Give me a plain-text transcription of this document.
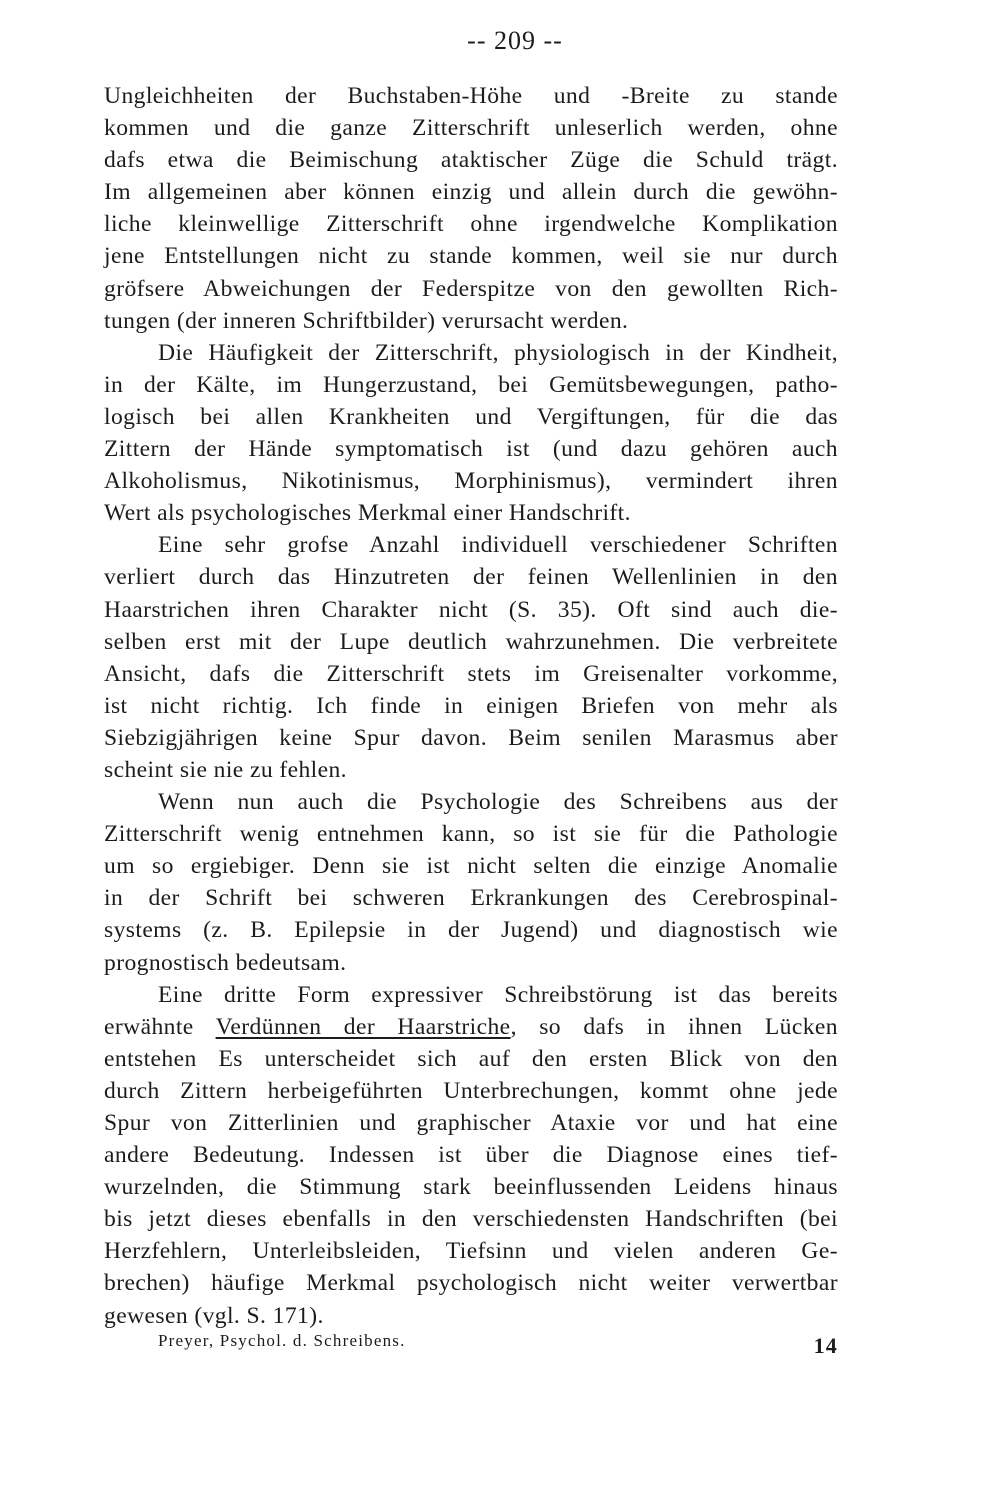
-- 209 --
Ungleichheiten der Buchstaben-Höhe und -Breite zu stande
kommen und die ganze Zitterschrift unleserlich werden, ohne
dafs etwa die Beimischung ataktischer Züge die Schuld trägt.
Im allgemeinen aber können einzig und allein durch die gewöhn-
liche kleinwellige Zitterschrift ohne irgendwelche Komplikation
jene Entstellungen nicht zu stande kommen, weil sie nur durch
gröfsere Abweichungen der Federspitze von den gewollten Rich-
tungen (der inneren Schriftbilder) verursacht werden.
Die Häufigkeit der Zitterschrift, physiologisch in der Kindheit,
in der Kälte, im Hungerzustand, bei Gemütsbewegungen, patho-
logisch bei allen Krankheiten und Vergiftungen, für die das
Zittern der Hände symptomatisch ist (und dazu gehören auch
Alkoholismus, Nikotinismus, Morphinismus), vermindert ihren
Wert als psychologisches Merkmal einer Handschrift.
Eine sehr grofse Anzahl individuell verschiedener Schriften
verliert durch das Hinzutreten der feinen Wellenlinien in den
Haarstrichen ihren Charakter nicht (S. 35). Oft sind auch die-
selben erst mit der Lupe deutlich wahrzunehmen. Die verbreitete
Ansicht, dafs die Zitterschrift stets im Greisenalter vorkomme,
ist nicht richtig. Ich finde in einigen Briefen von mehr als
Siebzigjährigen keine Spur davon. Beim senilen Marasmus aber
scheint sie nie zu fehlen.
Wenn nun auch die Psychologie des Schreibens aus der
Zitterschrift wenig entnehmen kann, so ist sie für die Pathologie
um so ergiebiger. Denn sie ist nicht selten die einzige Anomalie
in der Schrift bei schweren Erkrankungen des Cerebrospinal-
systems (z. B. Epilepsie in der Jugend) und diagnostisch wie
prognostisch bedeutsam.
Eine dritte Form expressiver Schreibstörung ist das bereits
erwähnte Verdünnen der Haarstriche, so dafs in ihnen Lücken
entstehen Es unterscheidet sich auf den ersten Blick von den
durch Zittern herbeigeführten Unterbrechungen, kommt ohne jede
Spur von Zitterlinien und graphischer Ataxie vor und hat eine
andere Bedeutung. Indessen ist über die Diagnose eines tief-
wurzelnden, die Stimmung stark beeinflussenden Leidens hinaus
bis jetzt dieses ebenfalls in den verschiedensten Handschriften (bei
Herzfehlern, Unterleibsleiden, Tiefsinn und vielen anderen Ge-
brechen) häufige Merkmal psychologisch nicht weiter verwertbar
gewesen (vgl. S. 171).
Preyer, Psychol. d. Schreibens.	14
